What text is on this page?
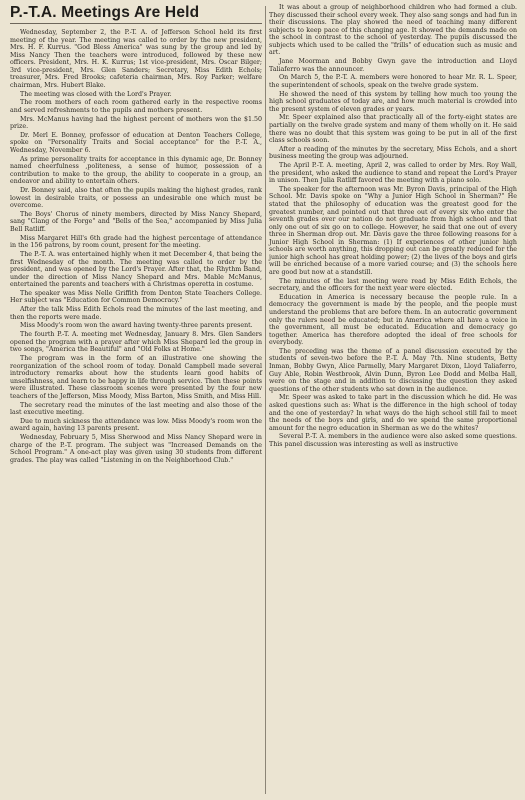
P.-T.A. Meetings Are Held

Wednesday, September 2, the P.-T. A. of Jefferson School held its first meeting of the year. The meeting was called to order by the new president, Mrs. H. F. Kurrus. "God Bless America" was sung by the group and led by Miss Nancy Then the teachers were introduced, followed by these new officers. President, Mrs. H. K. Kurrus; 1st vice-president, Mrs. Oscar Bilger; 3rd vice-president, Mrs. Glen Sanders; Secretary, Miss Edith Echols; treasurer, Mrs. Fred Brooks; cafeteria chairman, Mrs. Roy Parker; welfare chairman, Mrs. Hubert Blake.

The meeting was closed with the Lord's Prayer.

The room mothers of each room gathered early in the respective rooms and served refreshments to the pupils and mothers present.

Mrs. McManus having had the highest percent of mothers won the $1.50 prize.

Dr. Merl E. Bonney, professor of education at Denton Teachers College, spoke on "Personality Traits and Social acceptance" for the P.-T. A., Wednesday, November 6.

As prime personality traits for acceptance in this dynamic age, Dr. Bonney named cheerfulness ,politeness, a sense of humor, possession of a contribution to make to the group, the ability to cooperate in a group, an endeavor and ability to entertain others.

Dr. Bonney said, also that often the pupils making the highest grades, rank lowest in desirable traits, or possess an undesirable one which must be overcome.

The Boys' Chorus of ninety members, directed by Miss Nancy Shepard, sang "Clang of the Forge" and "Bells of the Sea," accompanied by Miss Julia Bell Ratliff.

Miss Margaret Hill's 6th grade had the highest percentage of attendance in the 156 patrons, by room count, present for the meeting.

The P.-T. A. was entertained highly when it met December 4, that being the first Wednesday of the month. The meeting was called to order by the president, and was opened by the Lord's Prayer. After that, the Rhythm Band, under the direction of Miss Nancy Shepard and Mrs. Mable McManus, entertained the parents and teachers with a Christmas operetta in costume.

The speaker was Miss Nelle Griffith from Denton State Teachers College. Her subject was "Education for Common Democracy."

After the talk Miss Edith Echols read the minutes of the last meeting, and then the reports were made.

Miss Moody's room won the award having twenty-three parents present.

The fourth P.-T. A. meeting met Wednesday, January 8. Mrs. Glen Sanders opened the program with a prayer after which Miss Shepard led the group in two songs, "America the Beautiful" and "Old Folks at Home."

The program was in the form of an illustrative one showing the reorganization of the school room of today. Donald Campbell made several introductory remarks about how the students learn good habits of unselfishness, and learn to be happy in life through service. Then these points were illustrated. These classroom scenes were presented by the four new teachers of the Jefferson, Miss Moody, Miss Barton, Miss Smith, and Miss Hill.

The secretary read the minutes of the last meeting and also those of the last executive meeting.

Due to much sickness the attendance was low. Miss Moody's room won the award again, having 13 parents present.

Wednesday, February 5, Miss Sherwood and Miss Nancy Shepard were in charge of the P.-T. program. The subject was "Increased Demands on the School Program." A one-act play was given using 30 students from different grades. The play was called "Listening in on the Neighborhood Club."

It was about a group of neighborhood children who had formed a club. They discussed their school every week. They also sang songs and had fun in their discussions. The play showed the need of teaching many different subjects to keep pace of this changing age. It showed the demands made on the school in contrast to the school of yesterday. The pupils discussed the subjects which used to be called the "frills" of education such as music and art.

Jane Moorman and Bobby Gwyn gave the introduction and Lloyd Taliaferro was the announcer.

On March 5, the P.-T. A. members were honored to hear Mr. R. L. Speer, the superintendent of schools, speak on the twelve grade system.

He showed the need of this system by telling how much too young the high school graduates of today are, and how much material is crowded into the present system of eleven grades or years.

Mr. Speer explained also that practically all of the forty-eight states are partially on the twelve grade system and many of them wholly on it. He said there was no doubt that this system was going to be put in all of the first class schools soon.

After a reading of the minutes by the secretary, Miss Echols, and a short business meeting the group was adjourned.

The April P.-T. A. meeting, April 2, was called to order by Mrs. Roy Wall, the president, who asked the audience to stand and repeat the Lord's Prayer in unison. Then Julia Ratliff favored the meeting with a piano solo.

The speaker for the afternoon was Mr. Byron Davis, principal of the High School. Mr. Davis spoke on "Why a Junior High School in Sherman?" He stated that the philosophy of education was the greatest good for the greatest number, and pointed out that three out of every six who enter the seventh grades over our nation do not graduate from high school and that only one out of six go on to college. However, he said that one out of every three in Sherman drop out. Mr. Davis gave the three following reasons for a Junior High School in Sherman: (1) If experiences of other junior high schools are worth anything, this dropping out can be greatly reduced for the junior high school has great holding power; (2) the lives of the boys and girls will be enriched because of a more varied course; and (3) the schools here are good but now at a standstill.

The minutes of the last meeting were read by Miss Edith Echols, the secretary, and the officers for the next year were elected.

Education in America is necessary because the people rule. In a democracy the government is made by the people, and the people must understand the problems that are before them. In an autocratic government only the rulers need be educated; but in America where all have a voice in the government, all must be educated. Education and democracy go together. America has therefore adopted the ideal of free schools for everybody.

The preceding was the theme of a panel discussion executed by the students of seven-two before the P.-T. A. May 7th. Nine students, Betty Inman, Bobby Gwyn, Alice Parmelly, Mary Margaret Dixon, Lloyd Taliaferro, Guy Able, Robin Westbrook, Alvin Dunn, Byron Lee Dodd and Melba Hall, were on the stage and in addition to discussing the question they asked questions of the other students who sat down in the audience.

Mr. Speer was asked to take part in the discussion which he did. He was asked questions such as: What is the difference in the high school of today and the one of yesterday? In what ways do the high school still fail to meet the needs of the boys and girls, and do we spend the same proportional amount for the negro education in Sherman as we do the whites?

Several P.-T. A. members in the audience were also asked some questions. This panel discussion was interesting as well as instructive
